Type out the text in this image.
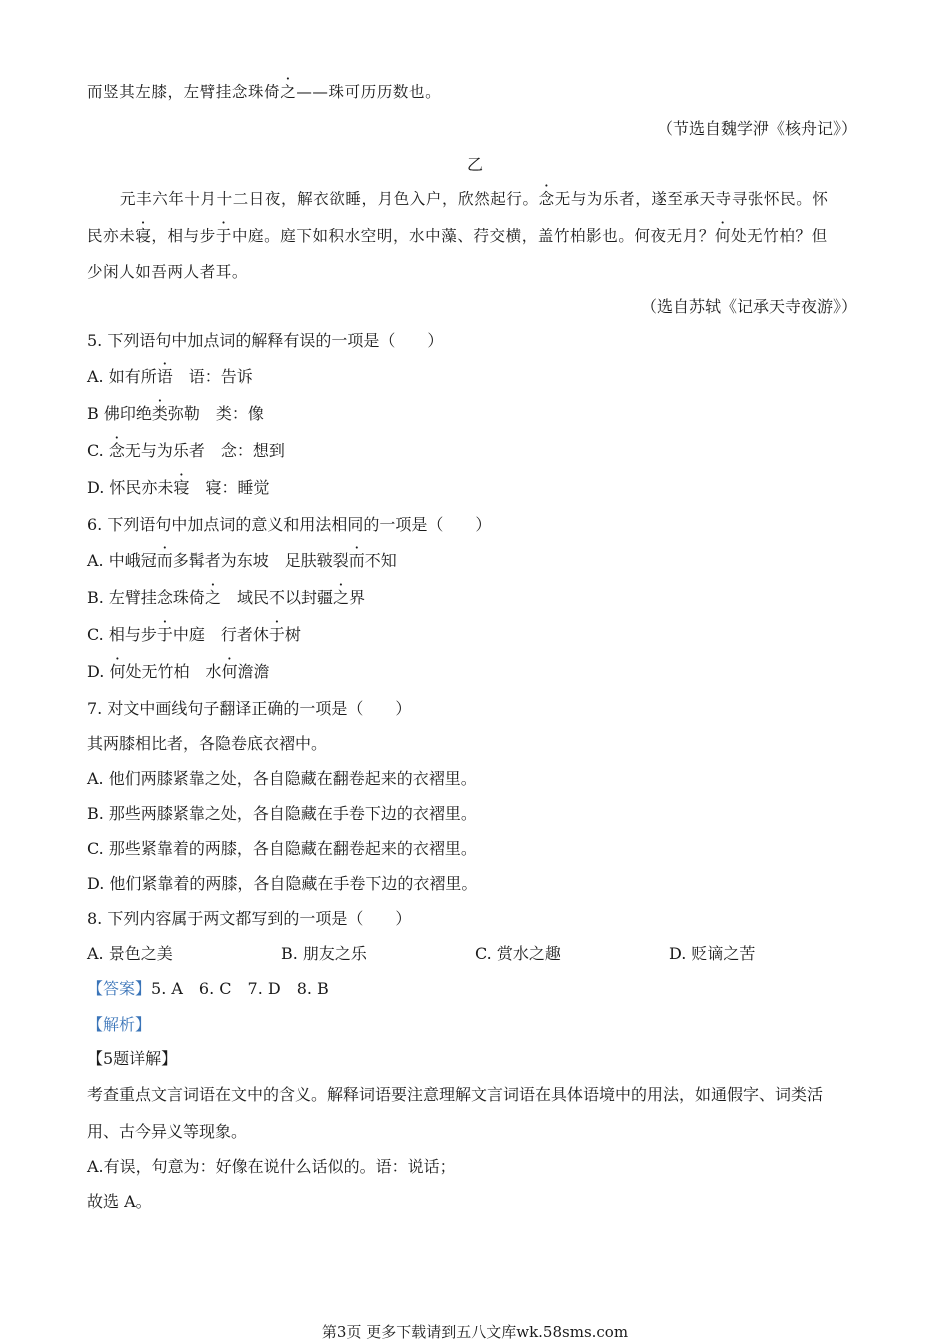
而竖其左膝，左臂挂念珠倚之——珠可历历数也。
（节选自魏学洢《核舟记》）
乙
元丰六年十月十二日夜，解衣欲睡，月色入户，欣然起行。念无与为乐者，遂至承天寺寻张怀民。怀
民亦未寝，相与步于中庭。庭下如积水空明，水中藻、荇交横，盖竹柏影也。何夜无月？何处无竹柏？但
少闲人如吾两人者耳。
（选自苏轼《记承天寺夜游》）
5. 下列语句中加点词的解释有误的一项是（　　）
A. 如有所语　语：告诉
B 佛印绝类弥勒　类：像
C. 念无与为乐者　念：想到
D. 怀民亦未寝　寝：睡觉
6. 下列语句中加点词的意义和用法相同的一项是（　　）
A. 中峨冠而多髯者为东坡　足肤皲裂而不知
B. 左臂挂念珠倚之　域民不以封疆之界
C. 相与步于中庭　行者休于树
D. 何处无竹柏　水何澹澹
7. 对文中画线句子翻译正确的一项是（　　）
其两膝相比者，各隐卷底衣褶中。
A. 他们两膝紧靠之处，各自隐藏在翻卷起来的衣褶里。
B. 那些两膝紧靠之处，各自隐藏在手卷下边的衣褶里。
C. 那些紧靠着的两膝，各自隐藏在翻卷起来的衣褶里。
D. 他们紧靠着的两膝，各自隐藏在手卷下边的衣褶里。
8. 下列内容属于两文都写到的一项是（　　）
A. 景色之美	B. 朋友之乐	C. 赏水之趣	D. 贬谪之苦
【答案】5. A　6. C　7. D　8. B
【解析】
【5题详解】
考查重点文言词语在文中的含义。解释词语要注意理解文言词语在具体语境中的用法，如通假字、词类活
用、古今异义等现象。
A.有误，句意为：好像在说什么话似的。语：说话；
故选 A。
第3页 更多下载请到五八文库wk.58sms.com
